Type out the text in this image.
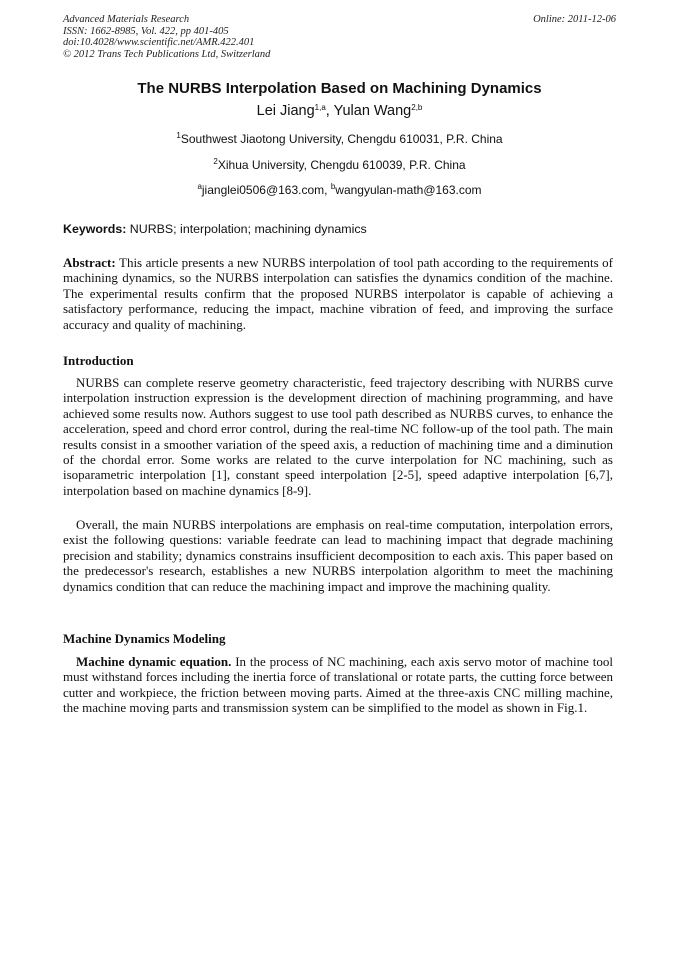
Advanced Materials Research
ISSN: 1662-8985, Vol. 422, pp 401-405
doi:10.4028/www.scientific.net/AMR.422.401
© 2012 Trans Tech Publications Ltd, Switzerland
Online: 2011-12-06
The NURBS Interpolation Based on Machining Dynamics
Lei Jiang$^{1,a}$, Yulan Wang$^{2,b}$
$^1$Southwest Jiaotong University, Chengdu 610031, P.R. China
$^2$Xihua University, Chengdu 610039, P.R. China
$^a$jianglei0506@163.com, $^b$wangyulan-math@163.com
Keywords: NURBS; interpolation; machining dynamics
Abstract: This article presents a new NURBS interpolation of tool path according to the requirements of machining dynamics, so the NURBS interpolation can satisfies the dynamics condition of the machine. The experimental results confirm that the proposed NURBS interpolator is capable of achieving a satisfactory performance, reducing the impact, machine vibration of feed, and improving the surface accuracy and quality of machining.
Introduction
NURBS can complete reserve geometry characteristic, feed trajectory describing with NURBS curve interpolation instruction expression is the development direction of machining programming, and have achieved some results now. Authors suggest to use tool path described as NURBS curves, to enhance the acceleration, speed and chord error control, during the real-time NC follow-up of the tool path. The main results consist in a smoother variation of the speed axis, a reduction of machining time and a diminution of the chordal error. Some works are related to the curve interpolation for NC machining, such as isoparametric interpolation [1], constant speed interpolation [2-5], speed adaptive interpolation [6,7], interpolation based on machine dynamics [8-9].
Overall, the main NURBS interpolations are emphasis on real-time computation, interpolation errors, exist the following questions: variable feedrate can lead to machining impact that degrade machining precision and stability; dynamics constrains insufficient decomposition to each axis. This paper based on the predecessor's research, establishes a new NURBS interpolation algorithm to meet the machining dynamics condition that can reduce the machining impact and improve the machining quality.
Machine Dynamics Modeling
Machine dynamic equation. In the process of NC machining, each axis servo motor of machine tool must withstand forces including the inertia force of translational or rotate parts, the cutting force between cutter and workpiece, the friction between moving parts. Aimed at the three-axis CNC milling machine, the machine moving parts and transmission system can be simplified to the model as shown in Fig.1.
